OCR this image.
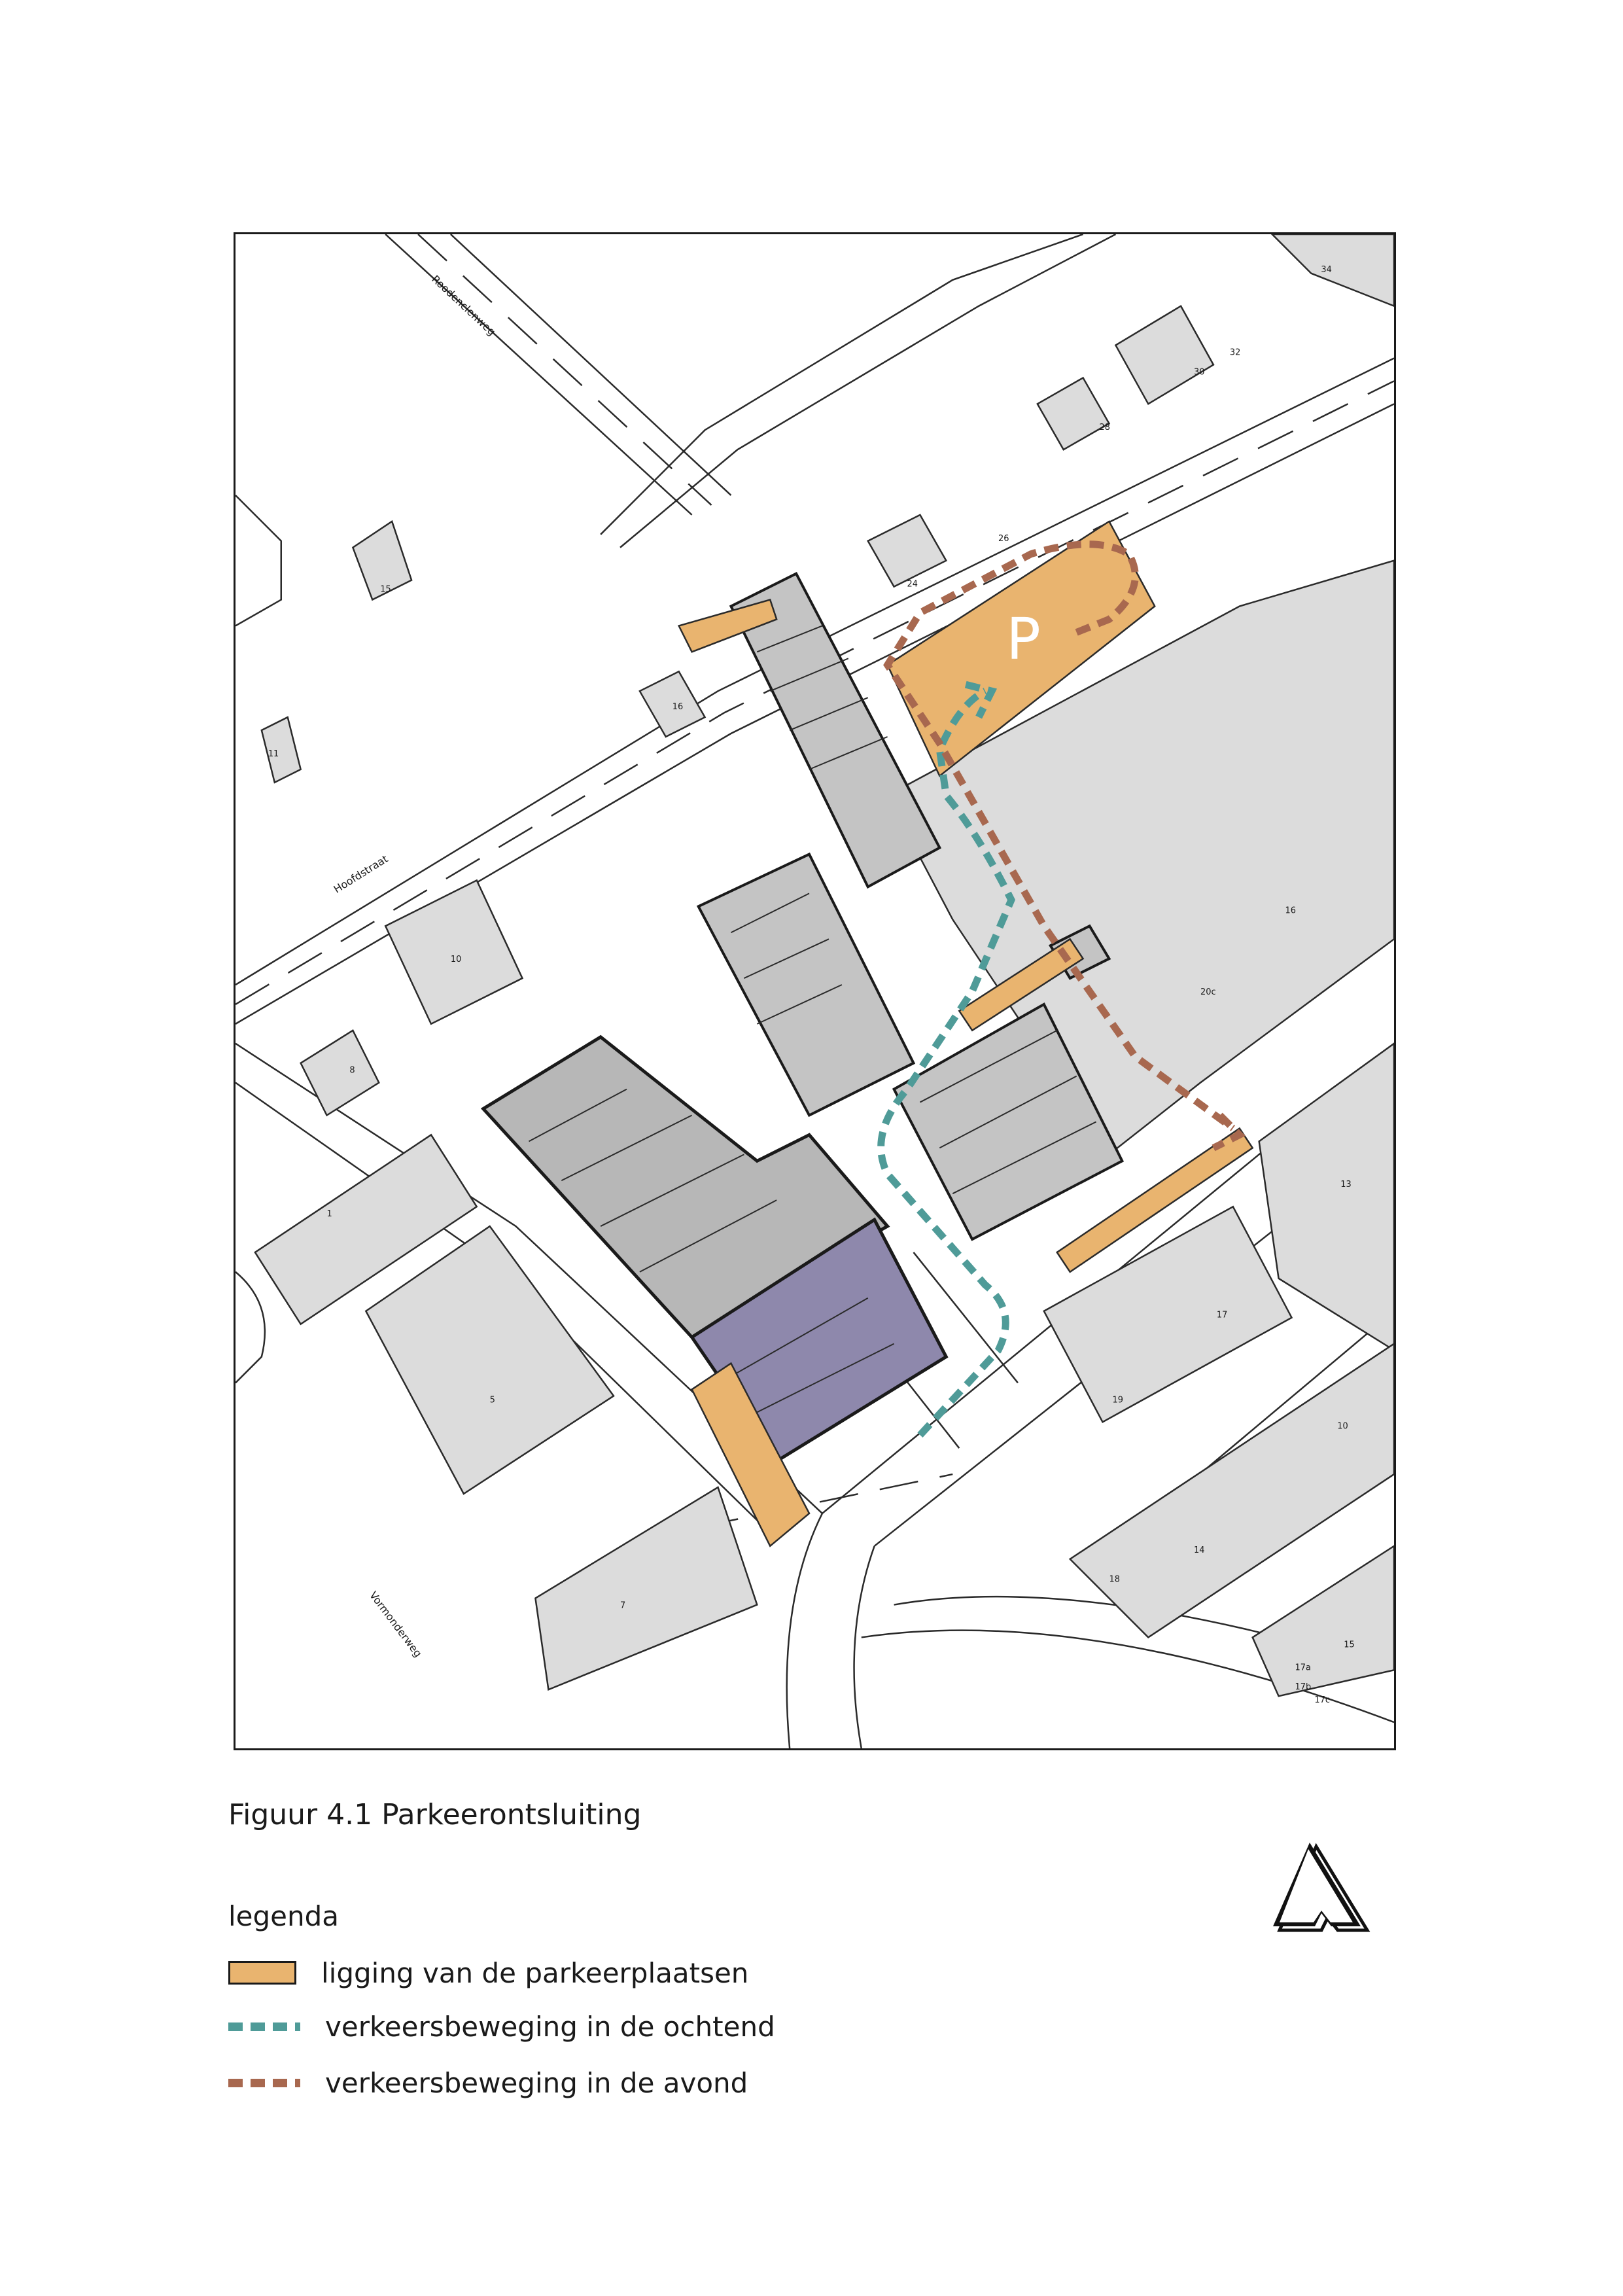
P
Roodenclenweg
Hoofdstraat
Vormonderweg
34
30
32
28
26
24
15
16
11
10
8
1
5
7
16
20c
13
17
19
10
14
18
15
17a
17b
17c
Figuur 4.1 Parkeerontsluiting
legenda
ligging van de parkeerplaatsen
verkeersbeweging in de ochtend
verkeersbeweging in de avond
